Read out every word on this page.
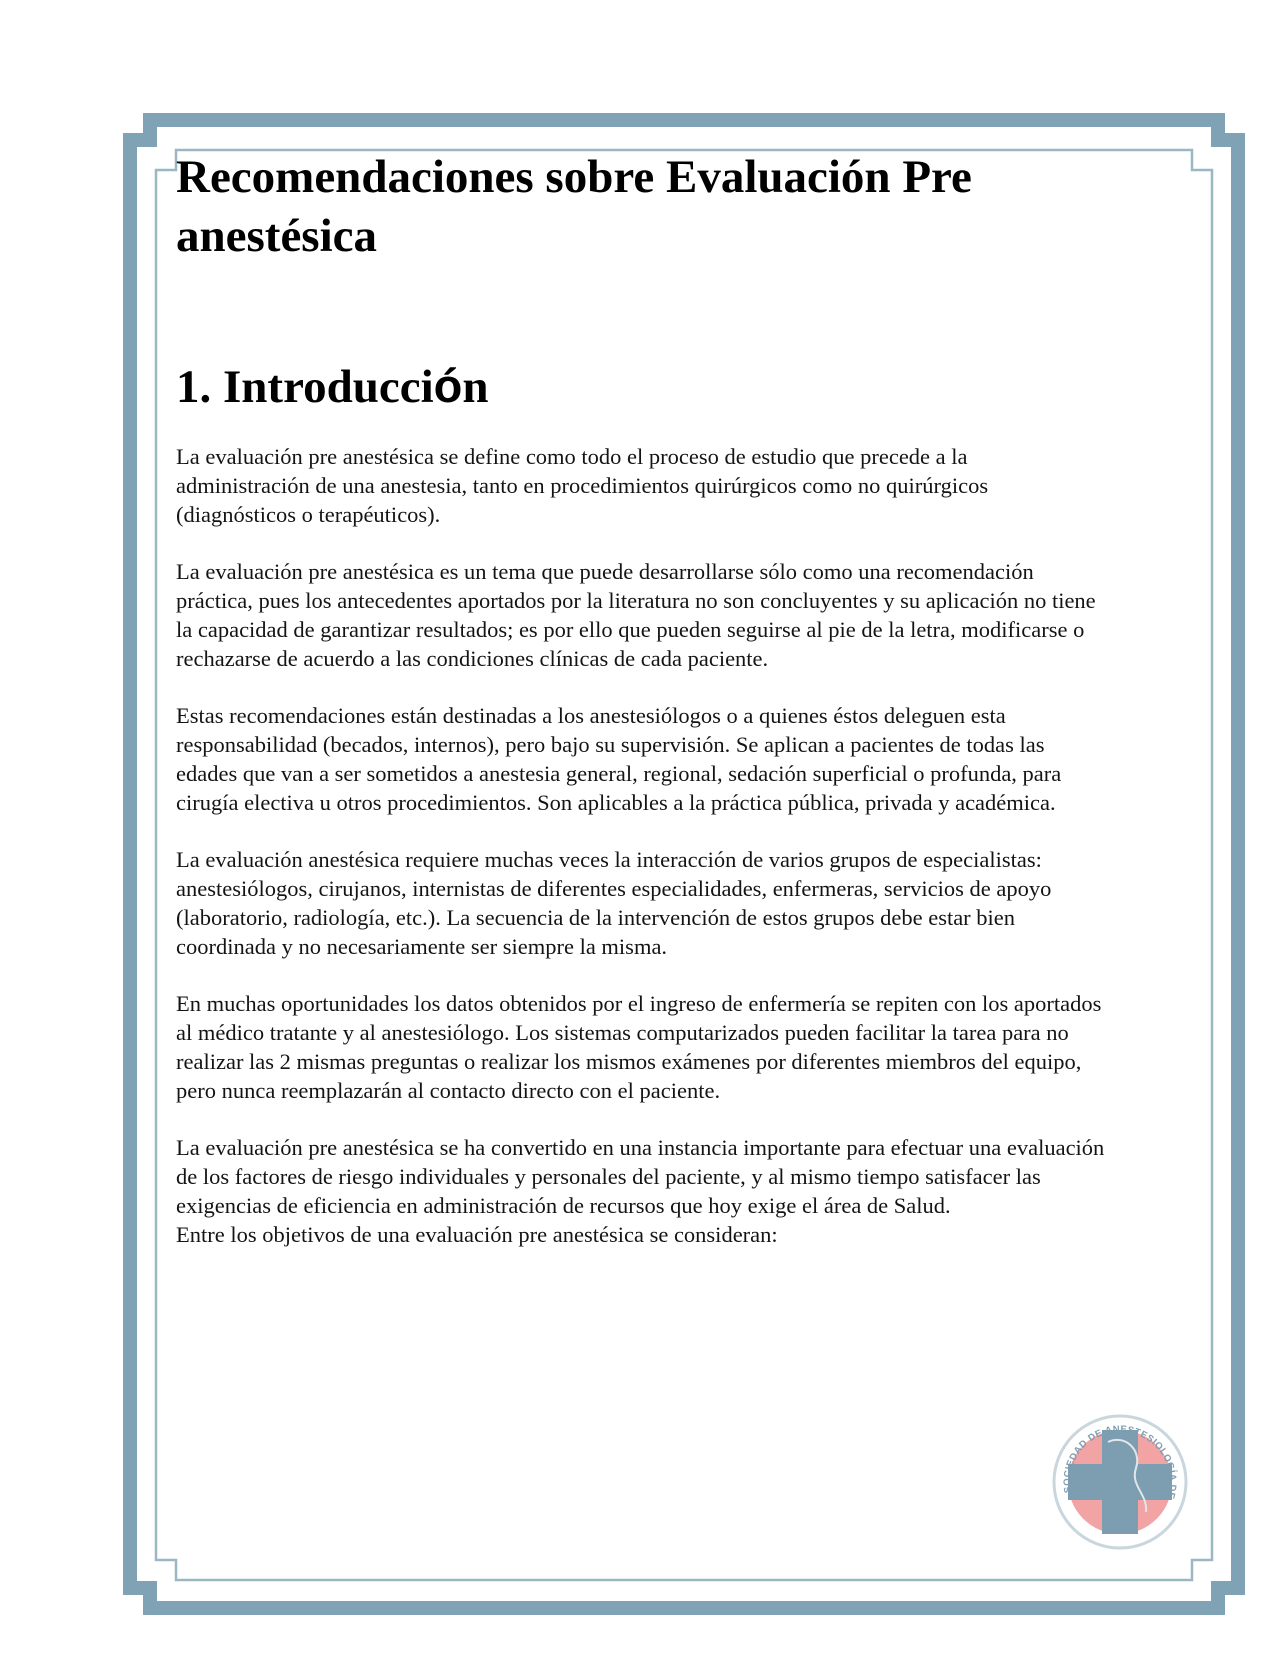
Recomendaciones sobre Evaluación Pre anestésica
1. Introducción

La evaluación pre anestésica se define como todo el proceso de estudio que precede a la administración de una anestesia, tanto en procedimientos quirúrgicos como no quirúrgicos (diagnósticos o terapéuticos).

La evaluación pre anestésica es un tema que puede desarrollarse sólo como una recomendación práctica, pues los antecedentes aportados por la literatura no son concluyentes y su aplicación no tiene la capacidad de garantizar resultados; es por ello que pueden seguirse al pie de la letra, modificarse o rechazarse de acuerdo a las condiciones clínicas de cada paciente.

Estas recomendaciones están destinadas a los anestesiólogos o a quienes éstos deleguen esta responsabilidad (becados, internos), pero bajo su supervisión. Se aplican a pacientes de todas las edades que van a ser sometidos a anestesia general, regional, sedación superficial o profunda, para cirugía electiva u otros procedimientos. Son aplicables a la práctica pública, privada y académica.

La evaluación anestésica requiere muchas veces la interacción de varios grupos de especialistas:
anestesiólogos, cirujanos, internistas de diferentes especialidades, enfermeras, servicios de apoyo (laboratorio, radiología, etc.). La secuencia de la intervención de estos grupos debe estar bien coordinada y no necesariamente ser siempre la misma.

En muchas oportunidades los datos obtenidos por el ingreso de enfermería se repiten con los aportados al médico tratante y al anestesiólogo. Los sistemas computarizados pueden facilitar la tarea para no realizar las 2 mismas preguntas o realizar los mismos exámenes por diferentes miembros del equipo, pero nunca reemplazarán al contacto directo con el paciente.

La evaluación pre anestésica se ha convertido en una instancia importante para efectuar una evaluación de los factores de riesgo individuales y personales del paciente, y al mismo tiempo satisfacer las exigencias de eficiencia en administración de recursos que hoy exige el área de Salud.
Entre los objetivos de una evaluación pre anestésica se consideran:

SOCIEDAD DE ANESTESIOLOGÍA DE
